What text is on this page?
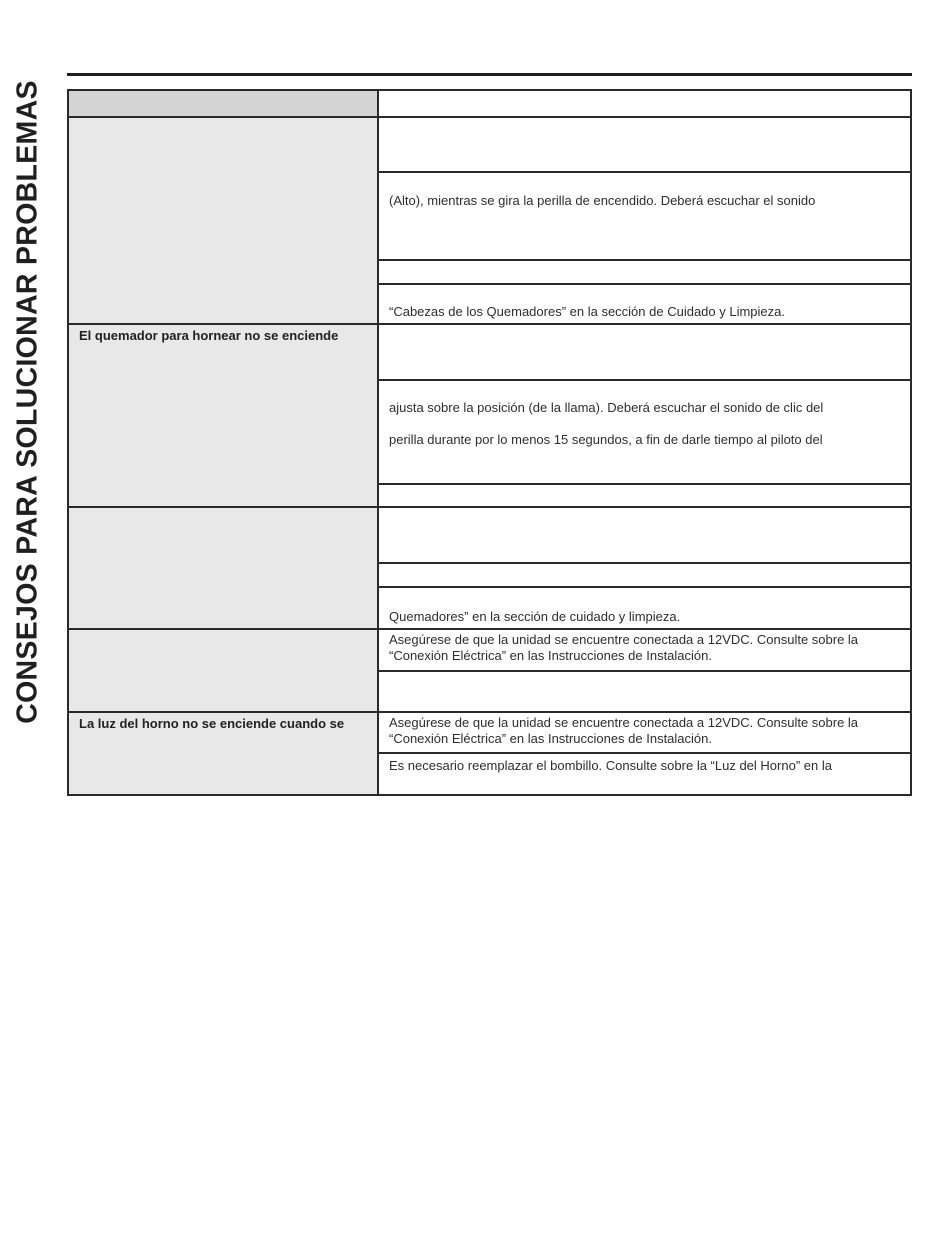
CONSEJOS PARA SOLUCIONAR PROBLEMAS	(Alto), mientras se gira la perilla de encendido. Deberá escuchar el sonido
“Cabezas de los Quemadores” en la sección de Cuidado y Limpieza.
El quemador para hornear no se enciende
ajusta sobre la posición (de la llama). Deberá escuchar el sonido de clic del
perilla durante por lo menos 15 segundos, a fin de darle tiempo al piloto del
Quemadores” en la sección de cuidado y limpieza.
Asegúrese de que la unidad se encuentre conectada a 12VDC. Consulte sobre la “Conexión Eléctrica” en las Instrucciones de Instalación.
La luz del horno no se enciende cuando se	Asegúrese de que la unidad se encuentre conectada a 12VDC. Consulte sobre la “Conexión Eléctrica” en las Instrucciones de Instalación.
Es necesario reemplazar el bombillo. Consulte sobre la “Luz del Horno” en la
